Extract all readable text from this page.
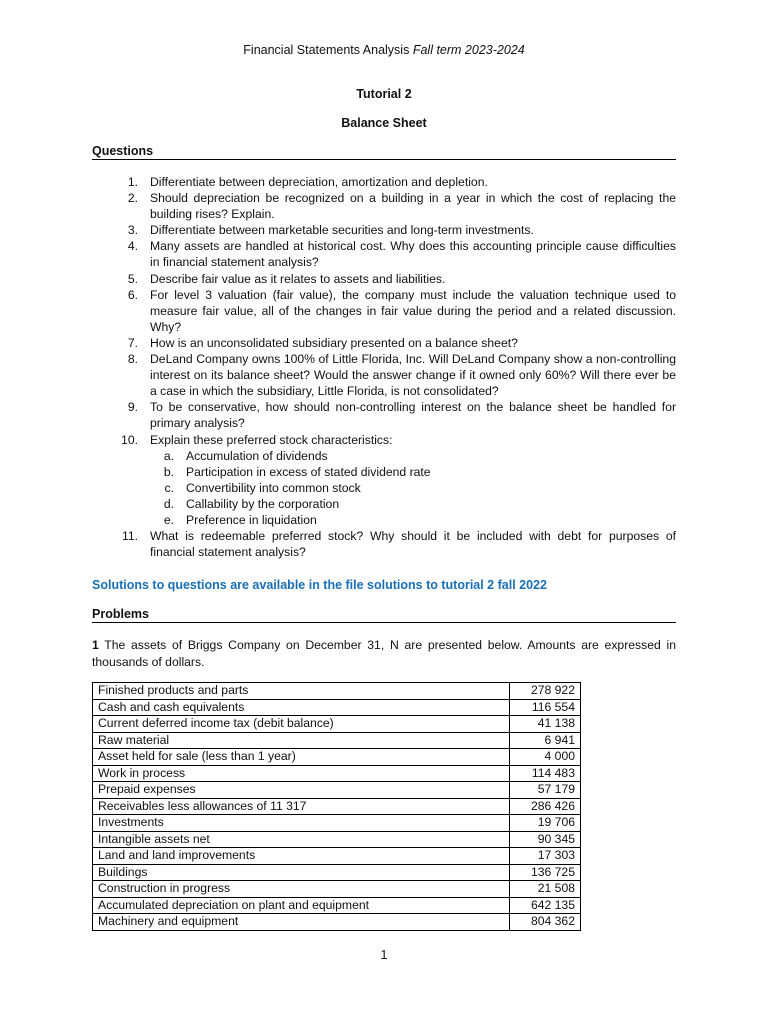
Financial Statements Analysis Fall term 2023-2024
Tutorial 2
Balance Sheet
Questions
1. Differentiate between depreciation, amortization and depletion.
2. Should depreciation be recognized on a building in a year in which the cost of replacing the building rises? Explain.
3. Differentiate between marketable securities and long-term investments.
4. Many assets are handled at historical cost. Why does this accounting principle cause difficulties in financial statement analysis?
5. Describe fair value as it relates to assets and liabilities.
6. For level 3 valuation (fair value), the company must include the valuation technique used to measure fair value, all of the changes in fair value during the period and a related discussion. Why?
7. How is an unconsolidated subsidiary presented on a balance sheet?
8. DeLand Company owns 100% of Little Florida, Inc. Will DeLand Company show a non-controlling interest on its balance sheet? Would the answer change if it owned only 60%? Will there ever be a case in which the subsidiary, Little Florida, is not consolidated?
9. To be conservative, how should non-controlling interest on the balance sheet be handled for primary analysis?
10. Explain these preferred stock characteristics:
a. Accumulation of dividends
b. Participation in excess of stated dividend rate
c. Convertibility into common stock
d. Callability by the corporation
e. Preference in liquidation
11. What is redeemable preferred stock? Why should it be included with debt for purposes of financial statement analysis?
Solutions to questions are available in the file solutions to tutorial 2 fall 2022
Problems
1 The assets of Briggs Company on December 31, N are presented below. Amounts are expressed in thousands of dollars.
Finished products and parts	278 922
Cash and cash equivalents	116 554
Current deferred income tax (debit balance)	41 138
Raw material	6 941
Asset held for sale (less than 1 year)	4 000
Work in process	114 483
Prepaid expenses	57 179
Receivables less allowances of 11 317	286 426
Investments	19 706
Intangible assets net	90 345
Land and land improvements	17 303
Buildings	136 725
Construction in progress	21 508
Accumulated depreciation on plant and equipment	642 135
Machinery and equipment	804 362
1
